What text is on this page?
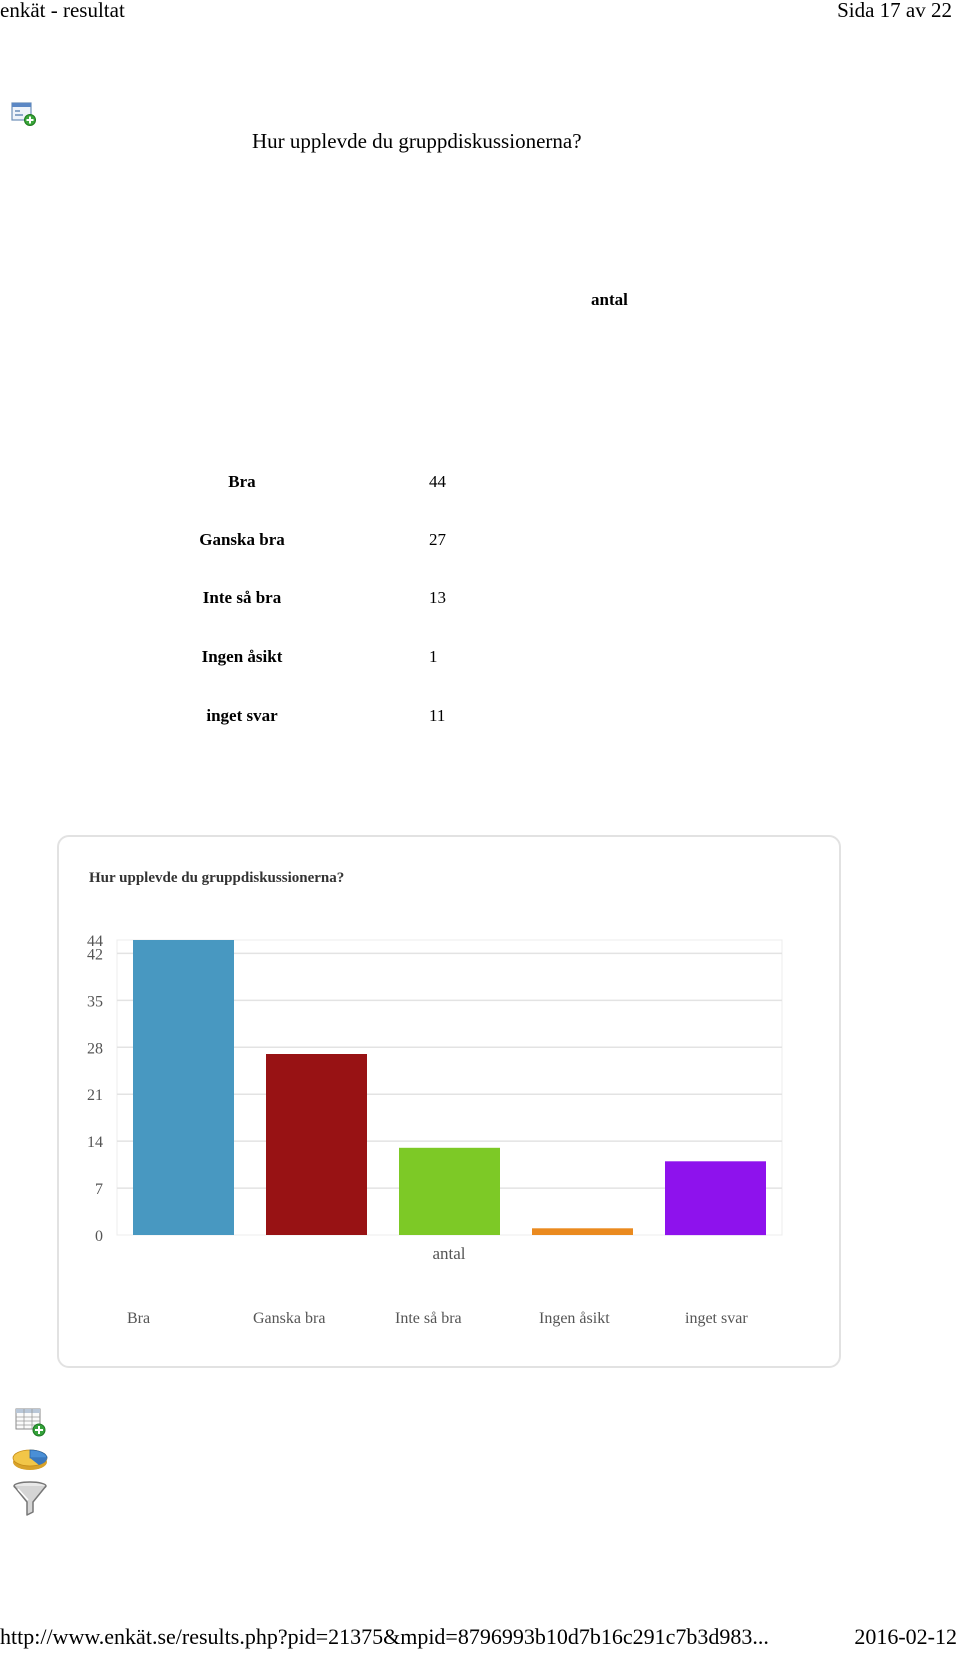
enkät - resultat	Sida 17 av 22
Hur upplevde du gruppdiskussionerna?
antal
Bra	44
Ganska bra	27
Inte så bra	13
Ingen åsikt	1
inget svar	11
Hur upplevde du gruppdiskussionerna?
0
7
14
21
28
35
42
44
antal
Bra	Ganska bra	Inte så bra	Ingen åsikt	inget svar
http://www.enkät.se/results.php?pid=21375&mpid=8796993b10d7b16c291c7b3d983...	2016-02-12
